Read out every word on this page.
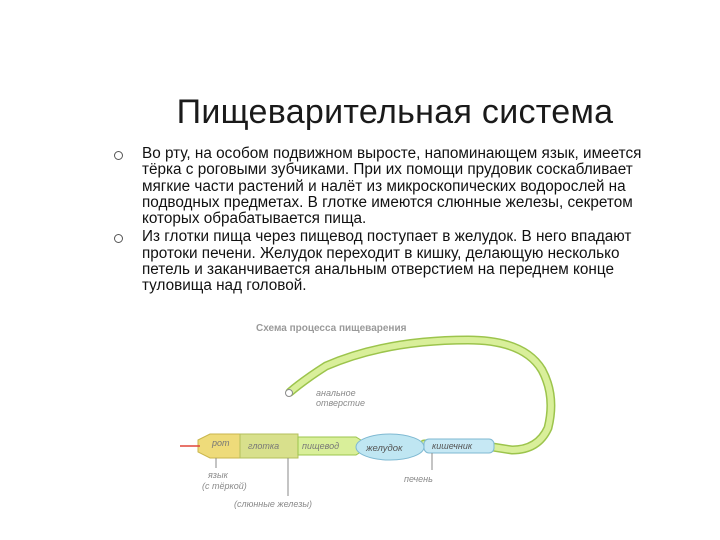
Пищеварительная система
Во рту, на особом подвижном выросте, напоминающем язык, имеется тёрка с роговыми зубчиками. При их помощи прудовик соскабливает мягкие части растений и налёт из микроскопических водорослей на подводных предметах. В глотке имеются слюнные железы, секретом которых обрабатывается пища.
Из глотки пища через пищевод поступает в желудок. В него впадают протоки печени. Желудок переходит в кишку, делающую несколько петель и заканчивается анальным отверстием на переднем конце туловища над головой.
Схема процесса пищеварения
анальное
отверстие
рот глотка	пищевод	желудок	кишечник
язык
(с тёркой)
(слюнные железы)
печень
